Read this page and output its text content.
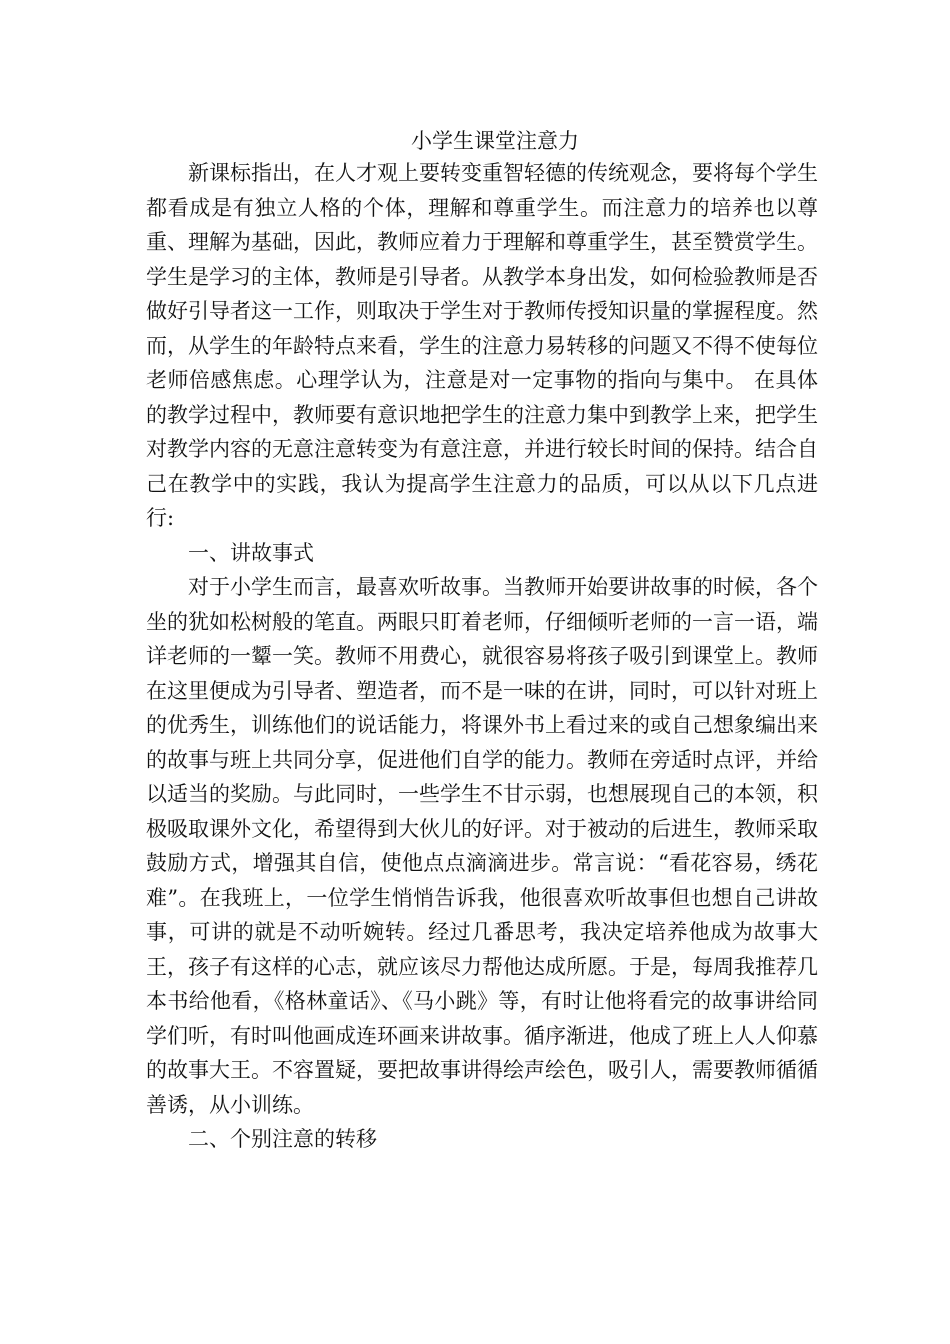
小学生课堂注意力

新课标指出，在人才观上要转变重智轻德的传统观念，要将每个学生都看成是有独立人格的个体，理解和尊重学生。而注意力的培养也以尊重、理解为基础，因此，教师应着力于理解和尊重学生，甚至赞赏学生。学生是学习的主体，教师是引导者。从教学本身出发，如何检验教师是否做好引导者这一工作，则取决于学生对于教师传授知识量的掌握程度。然而，从学生的年龄特点来看，学生的注意力易转移的问题又不得不使每位老师倍感焦虑。心理学认为，注意是对一定事物的指向与集中。 在具体的教学过程中，教师要有意识地把学生的注意力集中到教学上来，把学生对教学内容的无意注意转变为有意注意，并进行较长时间的保持。结合自己在教学中的实践，我认为提高学生注意力的品质，可以从以下几点进行:

一、讲故事式

对于小学生而言，最喜欢听故事。当教师开始要讲故事的时候，各个坐的犹如松树般的笔直。两眼只盯着老师，仔细倾听老师的一言一语，端详老师的一颦一笑。教师不用费心，就很容易将孩子吸引到课堂上。教师在这里便成为引导者、塑造者，而不是一味的在讲，同时，可以针对班上的优秀生，训练他们的说话能力，将课外书上看过来的或自己想象编出来的故事与班上共同分享，促进他们自学的能力。教师在旁适时点评，并给以适当的奖励。与此同时，一些学生不甘示弱，也想展现自己的本领，积极吸取课外文化，希望得到大伙儿的好评。对于被动的后进生，教师采取鼓励方式，增强其自信，使他点点滴滴进步。常言说：“看花容易，绣花难”。在我班上，一位学生悄悄告诉我，他很喜欢听故事但也想自己讲故事，可讲的就是不动听婉转。经过几番思考，我决定培养他成为故事大王，孩子有这样的心志，就应该尽力帮他达成所愿。于是，每周我推荐几本书给他看，《格林童话》、《马小跳》等，有时让他将看完的故事讲给同学们听，有时叫他画成连环画来讲故事。循序渐进，他成了班上人人仰慕的故事大王。不容置疑，要把故事讲得绘声绘色，吸引人，需要教师循循善诱，从小训练。

二、个别注意的转移
